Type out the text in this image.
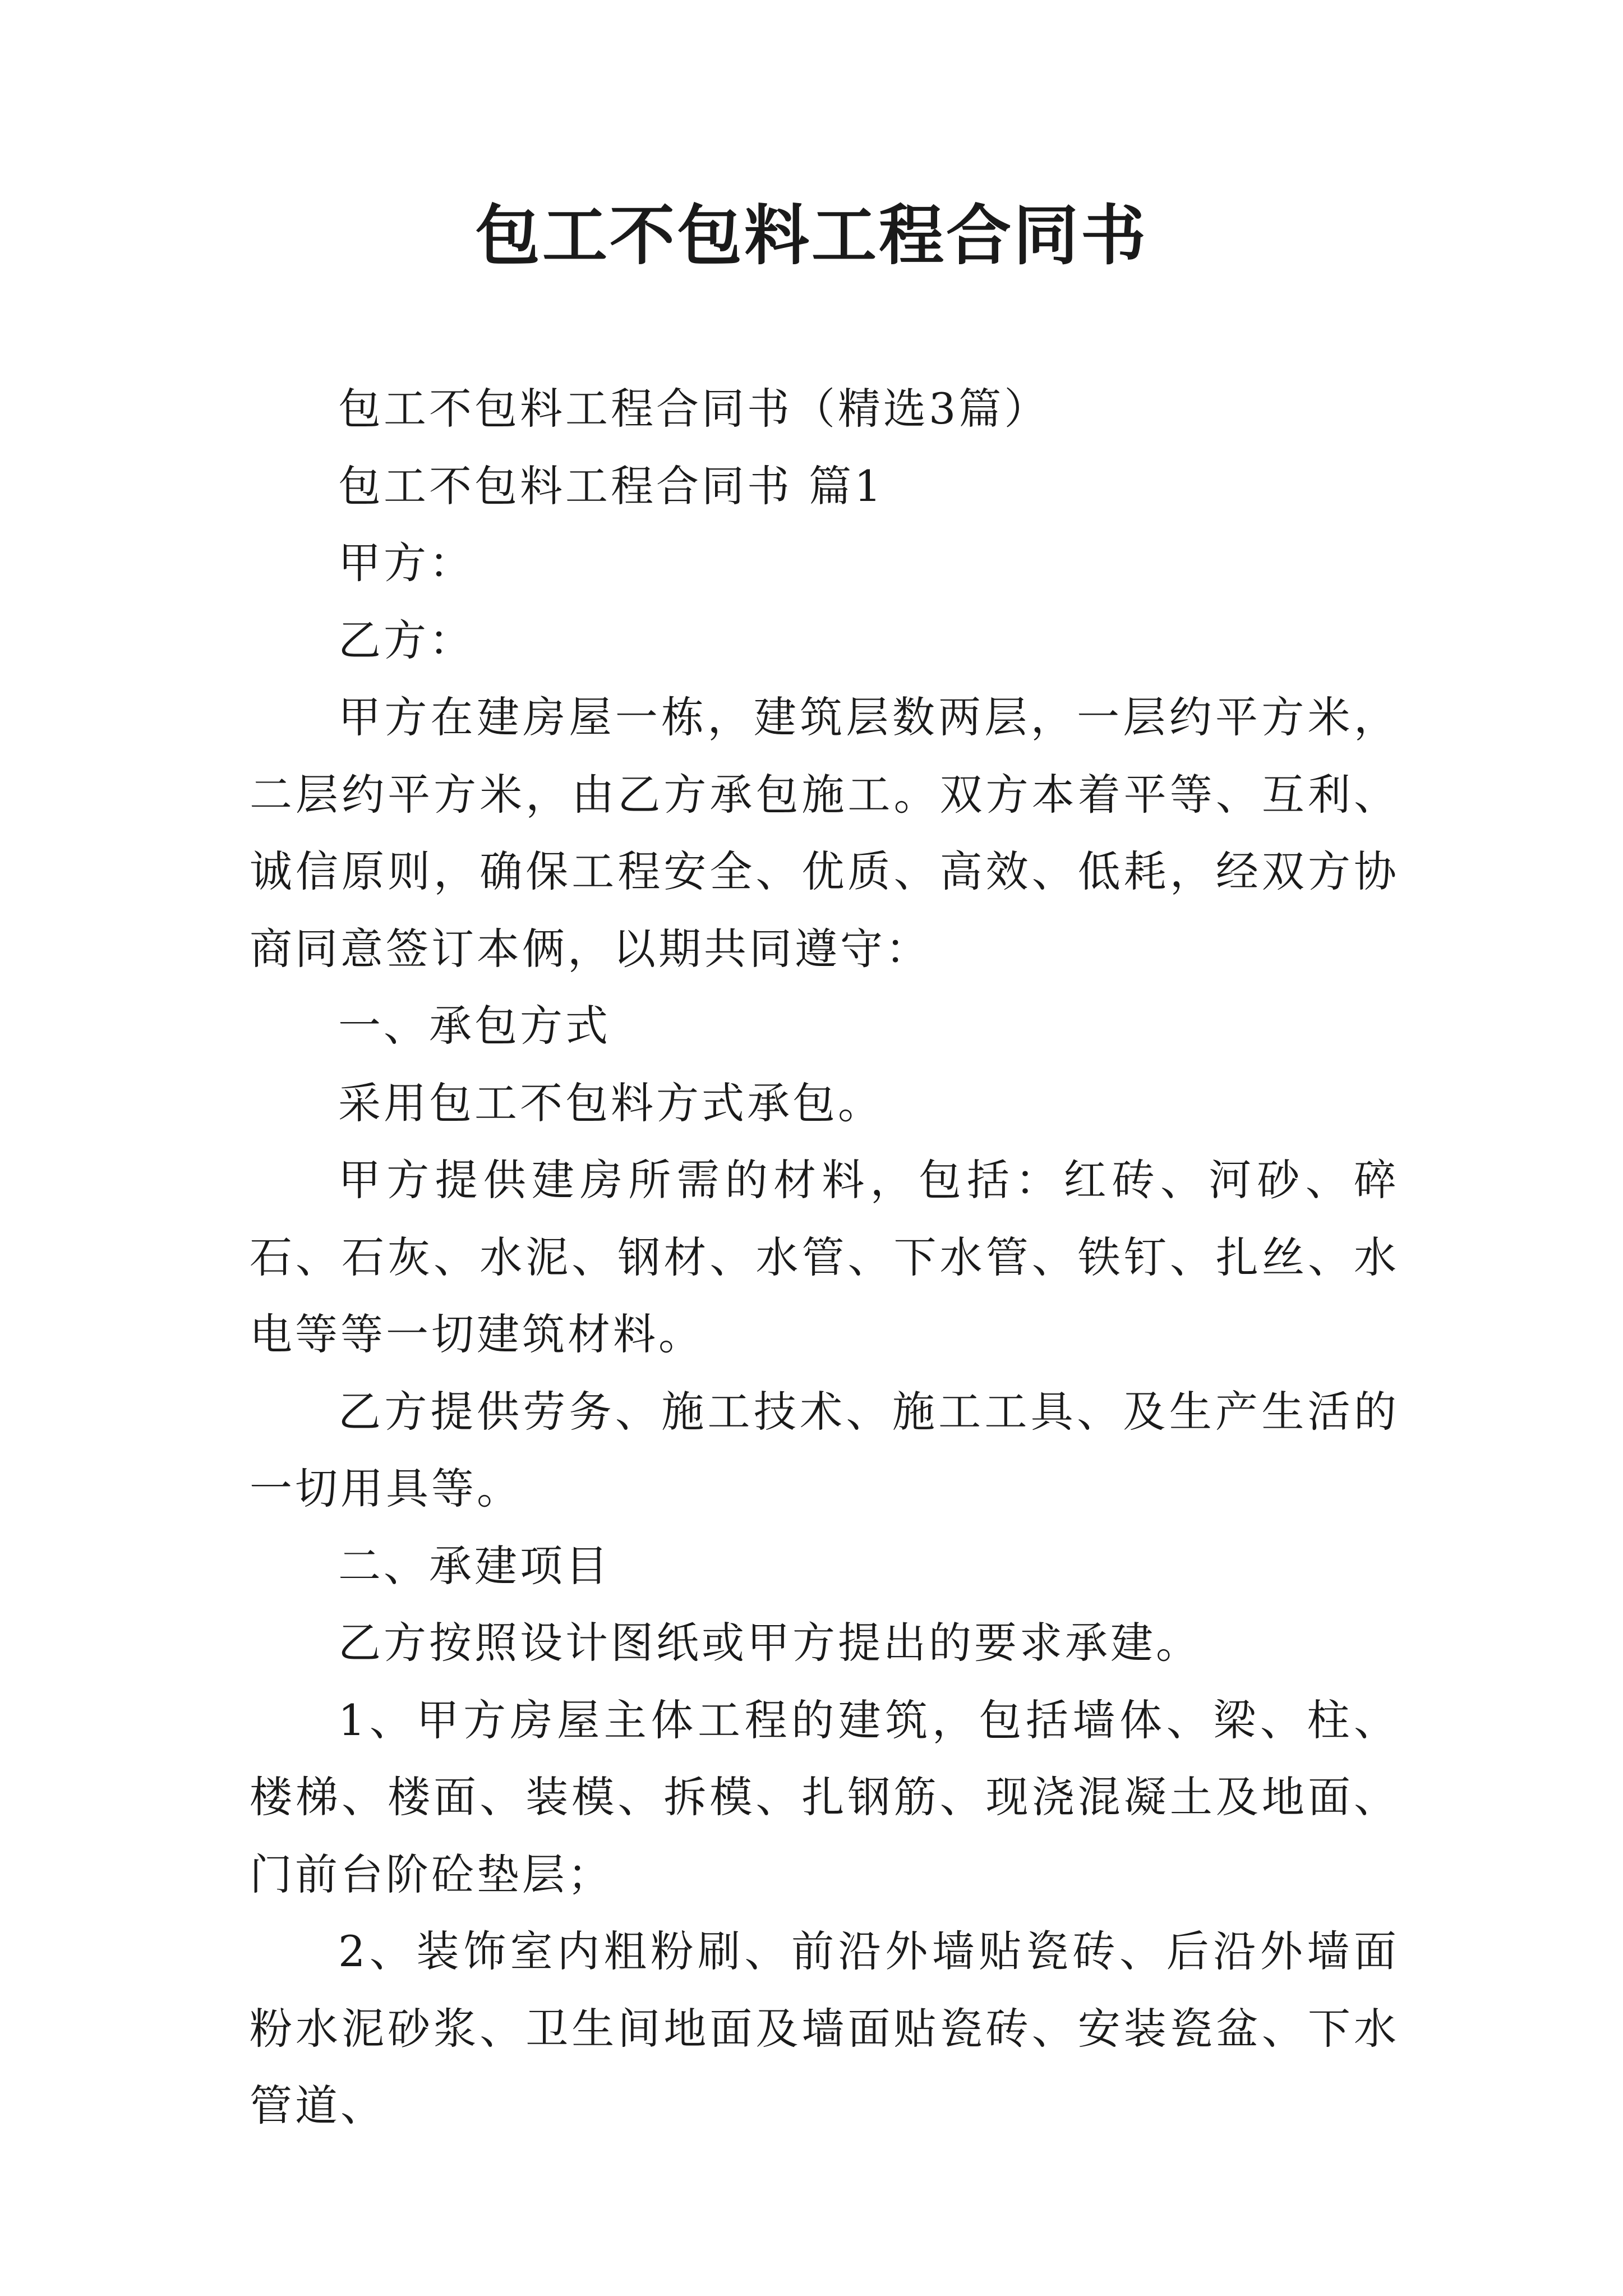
包工不包料工程合同书

包工不包料工程合同书（精选3篇）

包工不包料工程合同书 篇1

甲方：

乙方：

甲方在建房屋一栋，建筑层数两层，一层约平方米，二层约平方米，由乙方承包施工。双方本着平等、互利、诚信原则，确保工程安全、优质、高效、低耗，经双方协商同意签订本俩，以期共同遵守：

一、承包方式

采用包工不包料方式承包。

甲方提供建房所需的材料，包括：红砖、河砂、碎石、石灰、水泥、钢材、水管、下水管、铁钉、扎丝、水电等等一切建筑材料。

乙方提供劳务、施工技术、施工工具、及生产生活的一切用具等。

二、承建项目

乙方按照设计图纸或甲方提出的要求承建。

1、甲方房屋主体工程的建筑，包括墙体、梁、柱、楼梯、楼面、装模、拆模、扎钢筋、现浇混凝土及地面、门前台阶砼垫层；

2、装饰室内粗粉刷、前沿外墙贴瓷砖、后沿外墙面粉水泥砂浆、卫生间地面及墙面贴瓷砖、安装瓷盆、下水管道、
